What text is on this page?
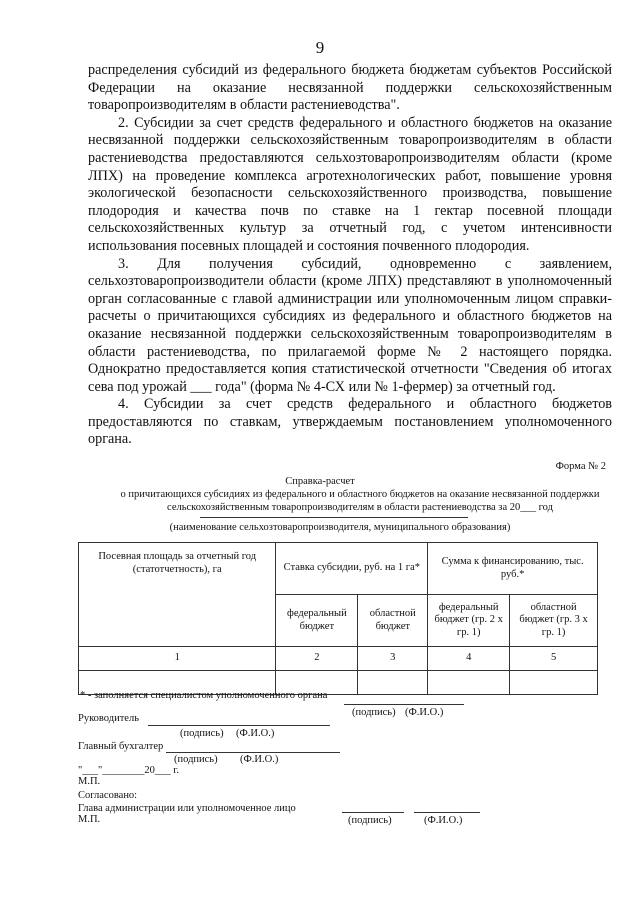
9

распределения субсидий из федерального бюджета бюджетам субъектов Российской Федерации на оказание несвязанной поддержки сельскохозяйственным товаропроизводителям в области растениеводства".

2. Субсидии за счет средств федерального и областного бюджетов на оказание несвязанной поддержки сельскохозяйственным товаропроизводителям в области растениеводства предоставляются сельхозтоваропроизводителям области (кроме ЛПХ) на проведение комплекса агротехнологических работ, повышение уровня экологической безопасности сельскохозяйственного производства, повышение плодородия и качества почв по ставке на 1 гектар посевной площади сельскохозяйственных культур за отчетный год, с учетом интенсивности использования посевных площадей и состояния почвенного плодородия.

3. Для получения субсидий, одновременно с заявлением, сельхозтоваропроизводители области (кроме ЛПХ) представляют в уполномоченный орган согласованные с главой администрации или уполномоченным лицом справки-расчеты о причитающихся субсидиях из федерального и областного бюджетов на оказание несвязанной поддержки сельскохозяйственным товаропроизводителям в области растениеводства, по прилагаемой форме № 2 настоящего порядка. Однократно предоставляется копия статистической отчетности "Сведения об итогах сева под урожай ___ года" (форма № 4-СХ или № 1-фермер) за отчетный год.

4. Субсидии за счет средств федерального и областного бюджетов предоставляются по ставкам, утверждаемым постановлением уполномоченного органа.

Форма № 2
Справка-расчет
о причитающихся субсидиях из федерального и областного бюджетов на оказание несвязанной поддержки сельскохозяйственным товаропроизводителям в области растениеводства за 20___ год
(наименование сельхозтоваропроизводителя, муниципального образования)
Посевная площадь за отчетный год (статотчетность), га	Ставка субсидии, руб. на 1 га*		Сумма к финансированию, тыс. руб.*	
	федеральный бюджет	областной бюджет	федеральный бюджет (гр. 2 х гр. 1)	областной бюджет (гр. 3 х гр. 1)
1	2	3	4	5

* - заполняется специалистом уполномоченного органа
(подпись) (Ф.И.О.)
Руководитель
(подпись) (Ф.И.О.)
Главный бухгалтер
(подпись) (Ф.И.О.)
"___"________20___ г.
М.П.
Согласовано:
Глава администрации или уполномоченное лицо
М.П.	(подпись)	(Ф.И.О.)
